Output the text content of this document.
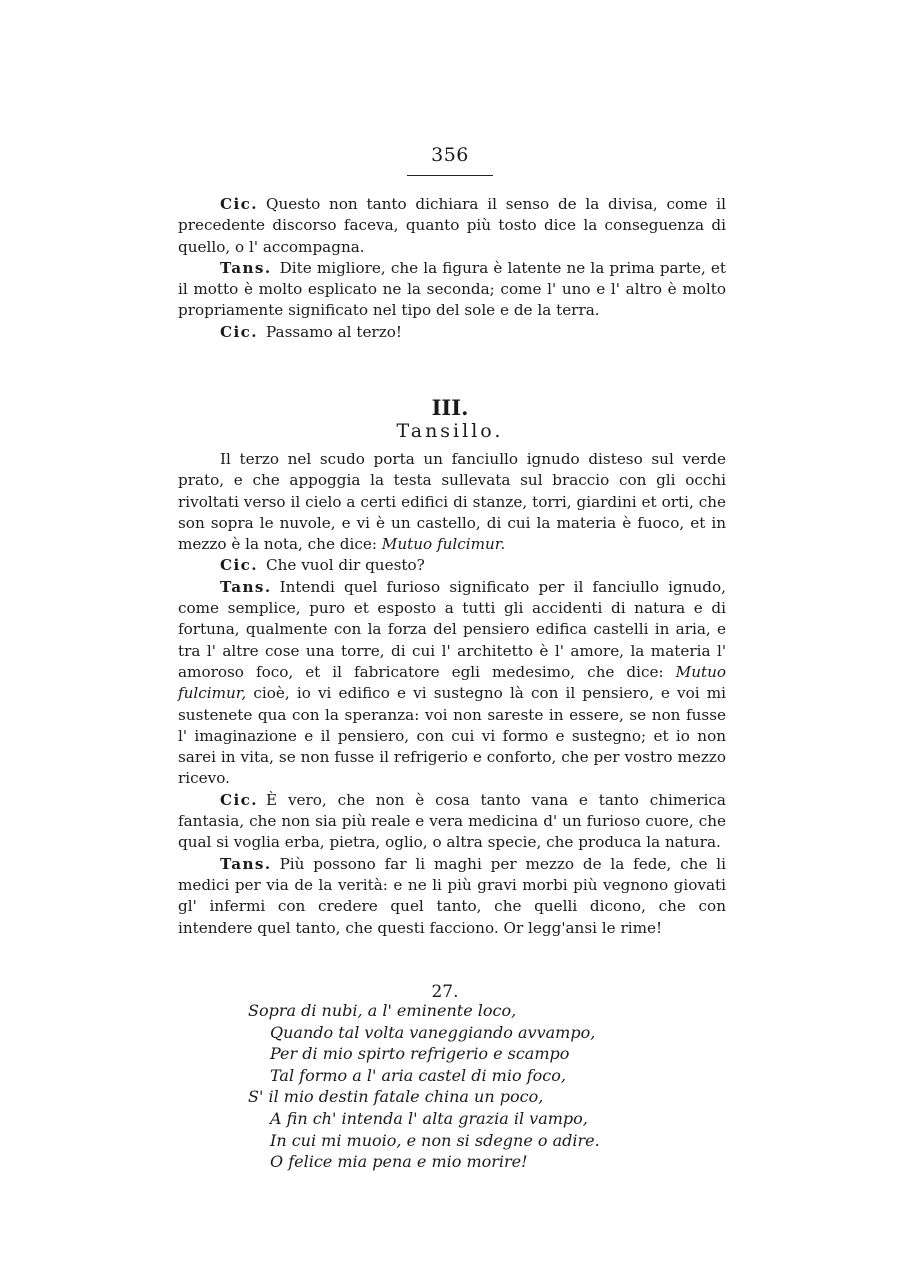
356

Cic. Questo non tanto dichiara il senso de la divisa, come il precedente discorso faceva, quanto più tosto dice la conseguenza di quello, o l' accompagna.

Tans. Dite migliore, che la figura è latente ne la prima parte, et il motto è molto esplicato ne la seconda; come l' uno e l' altro è molto propriamente significato nel tipo del sole e de la terra.

Cic. Passamo al terzo!

III.
Tansillo.

Il terzo nel scudo porta un fanciullo ignudo disteso sul verde prato, e che appoggia la testa sullevata sul braccio con gli occhi rivoltati verso il cielo a certi edifici di stanze, torri, giardini et orti, che son sopra le nuvole, e vi è un castello, di cui la materia è fuoco, et in mezzo è la nota, che dice: Mutuo fulcimur.

Cic. Che vuol dir questo?

Tans. Intendi quel furioso significato per il fanciullo ignudo, come semplice, puro et esposto a tutti gli accidenti di natura e di fortuna, qualmente con la forza del pensiero edifica castelli in aria, e tra l' altre cose una torre, di cui l' architetto è l' amore, la materia l' amoroso foco, et il fabricatore egli medesimo, che dice: Mutuo fulcimur, cioè, io vi edifico e vi sustegno là con il pensiero, e voi mi sustenete qua con la speranza: voi non sareste in essere, se non fusse l' imaginazione e il pensiero, con cui vi formo e sustegno; et io non sarei in vita, se non fusse il refrigerio e conforto, che per vostro mezzo ricevo.

Cic. È vero, che non è cosa tanto vana e tanto chimerica fantasia, che non sia più reale e vera medicina d' un furioso cuore, che qual si voglia erba, pietra, oglio, o altra specie, che produca la natura.

Tans. Più possono far li maghi per mezzo de la fede, che li medici per via de la verità: e ne li più gravi morbi più vegnono giovati gl' infermi con credere quel tanto, che quelli dicono, che con intendere quel tanto, che questi facciono. Or legg'ansi le rime!

27.

Sopra di nubi, a l' eminente loco,

Quando tal volta vaneggiando avvampo,

Per di mio spirto refrigerio e scampo

Tal formo a l' aria castel di mio foco,

S' il mio destin fatale china un poco,

A fin ch' intenda l' alta grazia il vampo,

In cui mi muoio, e non si sdegne o adire.

O felice mia pena e mio morire!
